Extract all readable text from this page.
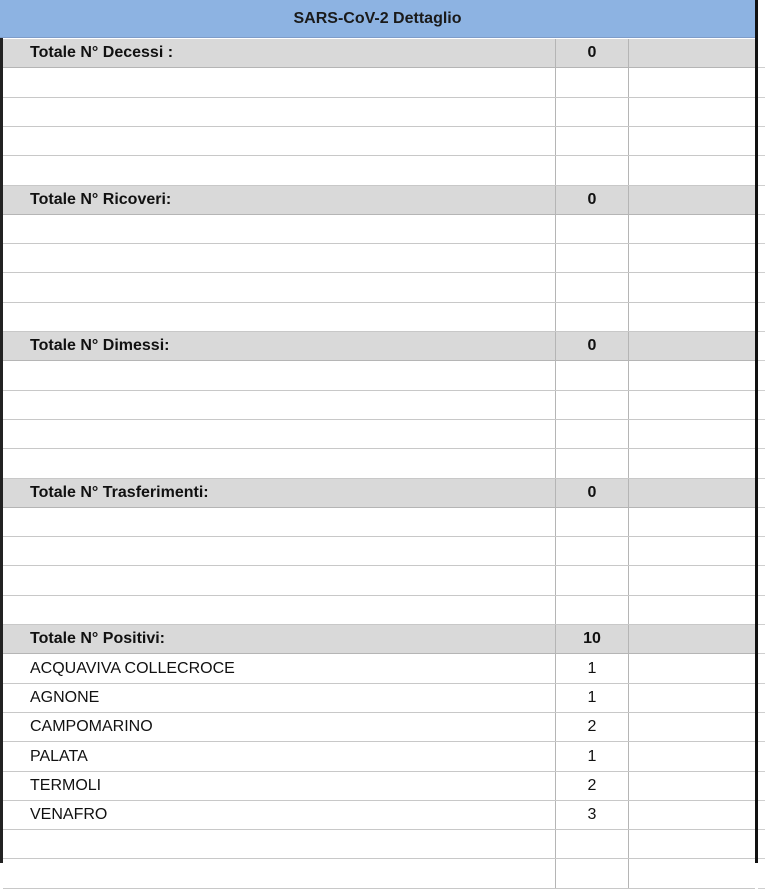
SARS-CoV-2 Dettaglio
Totale N° Decessi :	0
Totale N° Ricoveri:	0
Totale N° Dimessi:	0
Totale N° Trasferimenti:	0
Totale N° Positivi:	10
ACQUAVIVA COLLECROCE	1
AGNONE	1
CAMPOMARINO	2
PALATA	1
TERMOLI	2
VENAFRO	3
